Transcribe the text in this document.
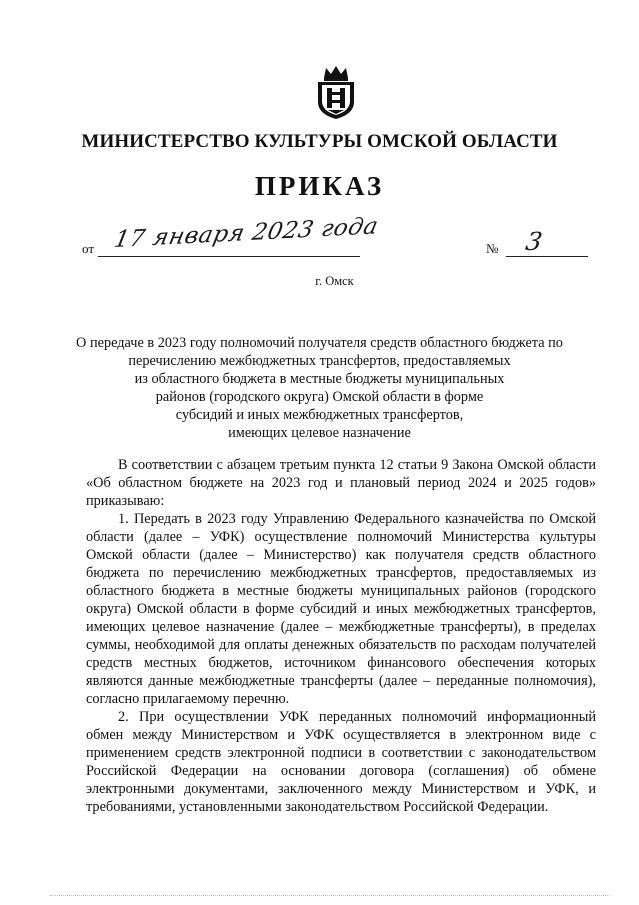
МИНИСТЕРСТВО КУЛЬТУРЫ ОМСКОЙ ОБЛАСТИ
ПРИКАЗ
от 17 января 2023 года	№ 3
г. Омск
О передаче в 2023 году полномочий получателя средств областного бюджета по
перечислению межбюджетных трансфертов, предоставляемых
из областного бюджета в местные бюджеты муниципальных
районов (городского округа) Омской области в форме
субсидий и иных межбюджетных трансфертов,
имеющих целевое назначение

В соответствии с абзацем третьим пункта 12 статьи 9 Закона Омской области «Об областном бюджете на 2023 год и плановый период 2024 и 2025 годов» приказываю:

1. Передать в 2023 году Управлению Федерального казначейства по Омской области (далее – УФК) осуществление полномочий Министерства культуры Омской области (далее – Министерство) как получателя средств областного бюджета по перечислению межбюджетных трансфертов, предоставляемых из областного бюджета в местные бюджеты муниципальных районов (городского округа) Омской области в форме субсидий и иных межбюджетных трансфертов, имеющих целевое назначение (далее – межбюджетные трансферты), в пределах суммы, необходимой для оплаты денежных обязательств по расходам получателей средств местных бюджетов, источником финансового обеспечения которых являются данные межбюджетные трансферты (далее – переданные полномочия), согласно прилагаемому перечню.

2. При осуществлении УФК переданных полномочий информационный обмен между Министерством и УФК осуществляется в электронном виде с применением средств электронной подписи в соответствии с законодательством Российской Федерации на основании договора (соглашения) об обмене электронными документами, заключенного между Министерством и УФК, и требованиями, установленными законодательством Российской Федерации.
